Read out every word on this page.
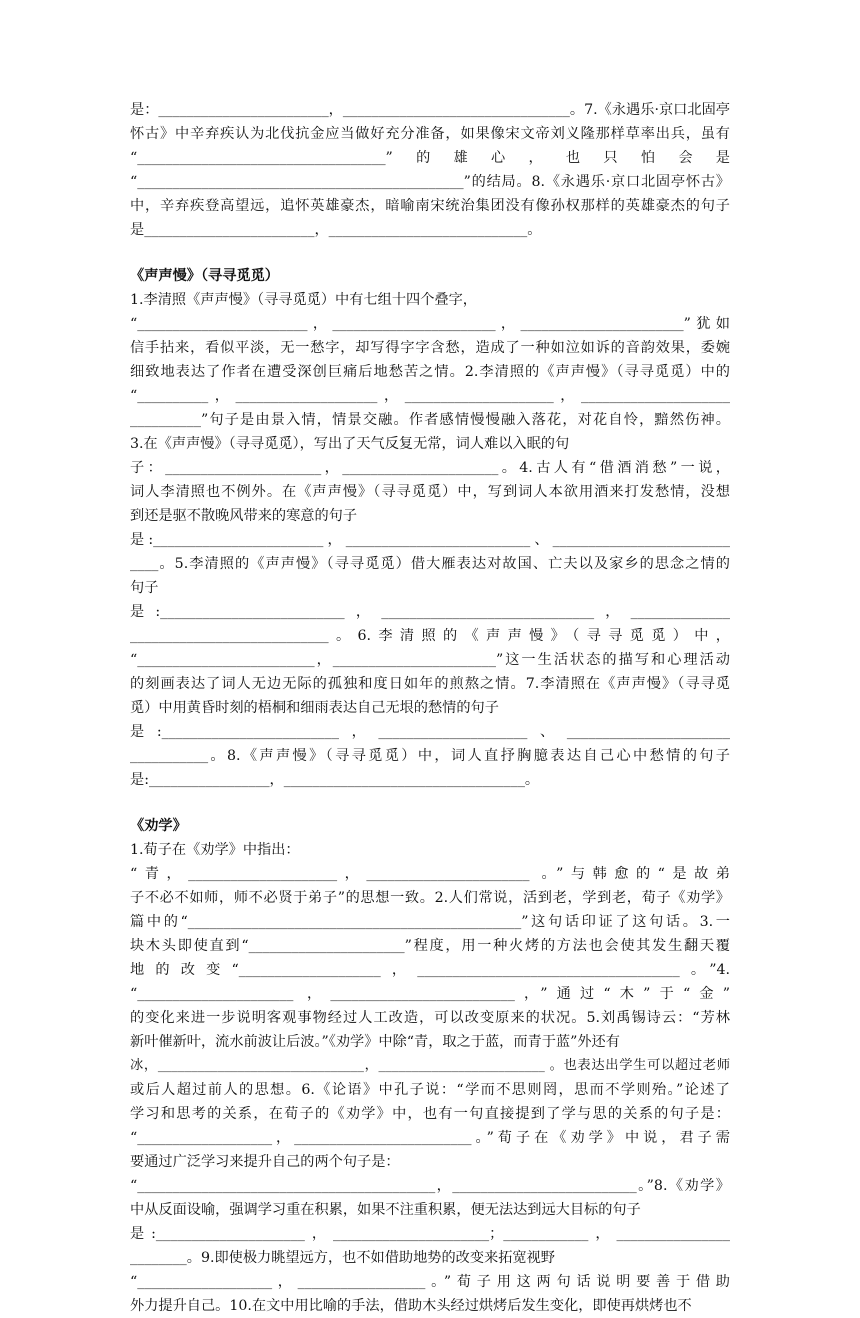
是：________________________，________________________________。7.《永遇乐·京口北固亭
怀古》中辛弃疾认为北伐抗金应当做好充分准备，如果像宋文帝刘义隆那样草率出兵，虽有
“___________________________________”的雄心，也只怕会是
“______________________________________________”的结局。8.《永遇乐·京口北固亭怀古》
中，辛弃疾登高望远，追怀英雄豪杰，暗喻南宋统治集团没有像孙权那样的英雄豪杰的句子
是________________________，____________________________。
《声声慢》（寻寻觅觅）
1.李清照《声声慢》（寻寻觅觅）中有七组十四个叠字，
“________________________，_______________________，_______________________”犹如
信手拈来，看似平淡，无一愁字，却写得字字含愁，造成了一种如泣如诉的音韵效果，委婉
细致地表达了作者在遭受深创巨痛后地愁苦之情。2.李清照的《声声慢》（寻寻觅觅）中的
“__________，____________________，_____________________，_____________________
__________”句子是由景入情，情景交融。作者感情慢慢融入落花，对花自怜，黯然伤神。
3.在《声声慢》（寻寻觅觅），写出了天气反复无常，词人难以入眠的句
子：______________________，______________________。4.古人有“借酒消愁”一说，
词人李清照也不例外。在《声声慢》（寻寻觅觅）中，写到词人本欲用酒来打发愁情，没想
到还是驱不散晚风带来的寒意的句子
是:________________________，__________________________、_________________________
____。5.李清照的《声声慢》（寻寻觅觅）借大雁表达对故国、亡夫以及家乡的思念之情的
句子
是:__________________________，______________________________，______________
____________________________。6.李清照的《声声慢》（寻寻觅觅）中，
“_________________________，_______________________”这一生活状态的描写和心理活动
的刻画表达了词人无边无际的孤独和度日如年的煎熬之情。7.李清照在《声声慢》（寻寻觅
觅）中用黄昏时刻的梧桐和细雨表达自己无垠的愁情的句子
是:_________________________，_____________________、_______________________
___________。8.《声声慢》（寻寻觅觅）中，词人直抒胸臆表达自己心中愁情的句子
是:_________________，__________________________________。
《劝学》
1.荀子在《劝学》中指出：
“青，_____________________，_______________________ 。”与韩愈的“是故弟
子不必不如师，师不必贤于弟子”的思想一致。2.人们常说，活到老，学到老，荀子《劝学》
篇中的“_______________________________________________”这句话印证了这句话。3.一
块木头即使直到“______________________”程度，用一种火烤的方法也会使其发生翻天覆
地的改变“____________________，_____________________________________。”4.
“______________________ ，__________________________，”通过“木”于“金”
的变化来进一步说明客观事物经过人工改造，可以改变原来的状况。5.刘禹锡诗云：“芳林
新叶催新叶，流水前波让后波。”《劝学》中除“青，取之于蓝，而青于蓝”外还有
冰，_______________________________，_________________________ 。也表达出学生可以超过老师
或后人超过前人的思想。6.《论语》中孔子说：“学而不思则罔，思而不学则殆。”论述了
学习和思考的关系，在荀子的《劝学》中，也有一句直接提到了学与思的关系的句子是：
“___________________，_________________________。”荀子在《劝学》中说，君子需
要通过广泛学习来提升自己的两个句子是：
“__________________________________________，__________________________。”8.《劝学》
中从反面设喻，强调学习重在积累，如果不注重积累，便无法达到远大目标的句子
是:_____________________，______________________；____________，________________
________。9.即使极力眺望远方，也不如借助地势的改变来拓宽视野
“___________________，__________________。”荀子用这两句话说明要善于借助
外力提升自己。10.在文中用比喻的手法，借助木头经过烘烤后发生变化，即使再烘烤也不
